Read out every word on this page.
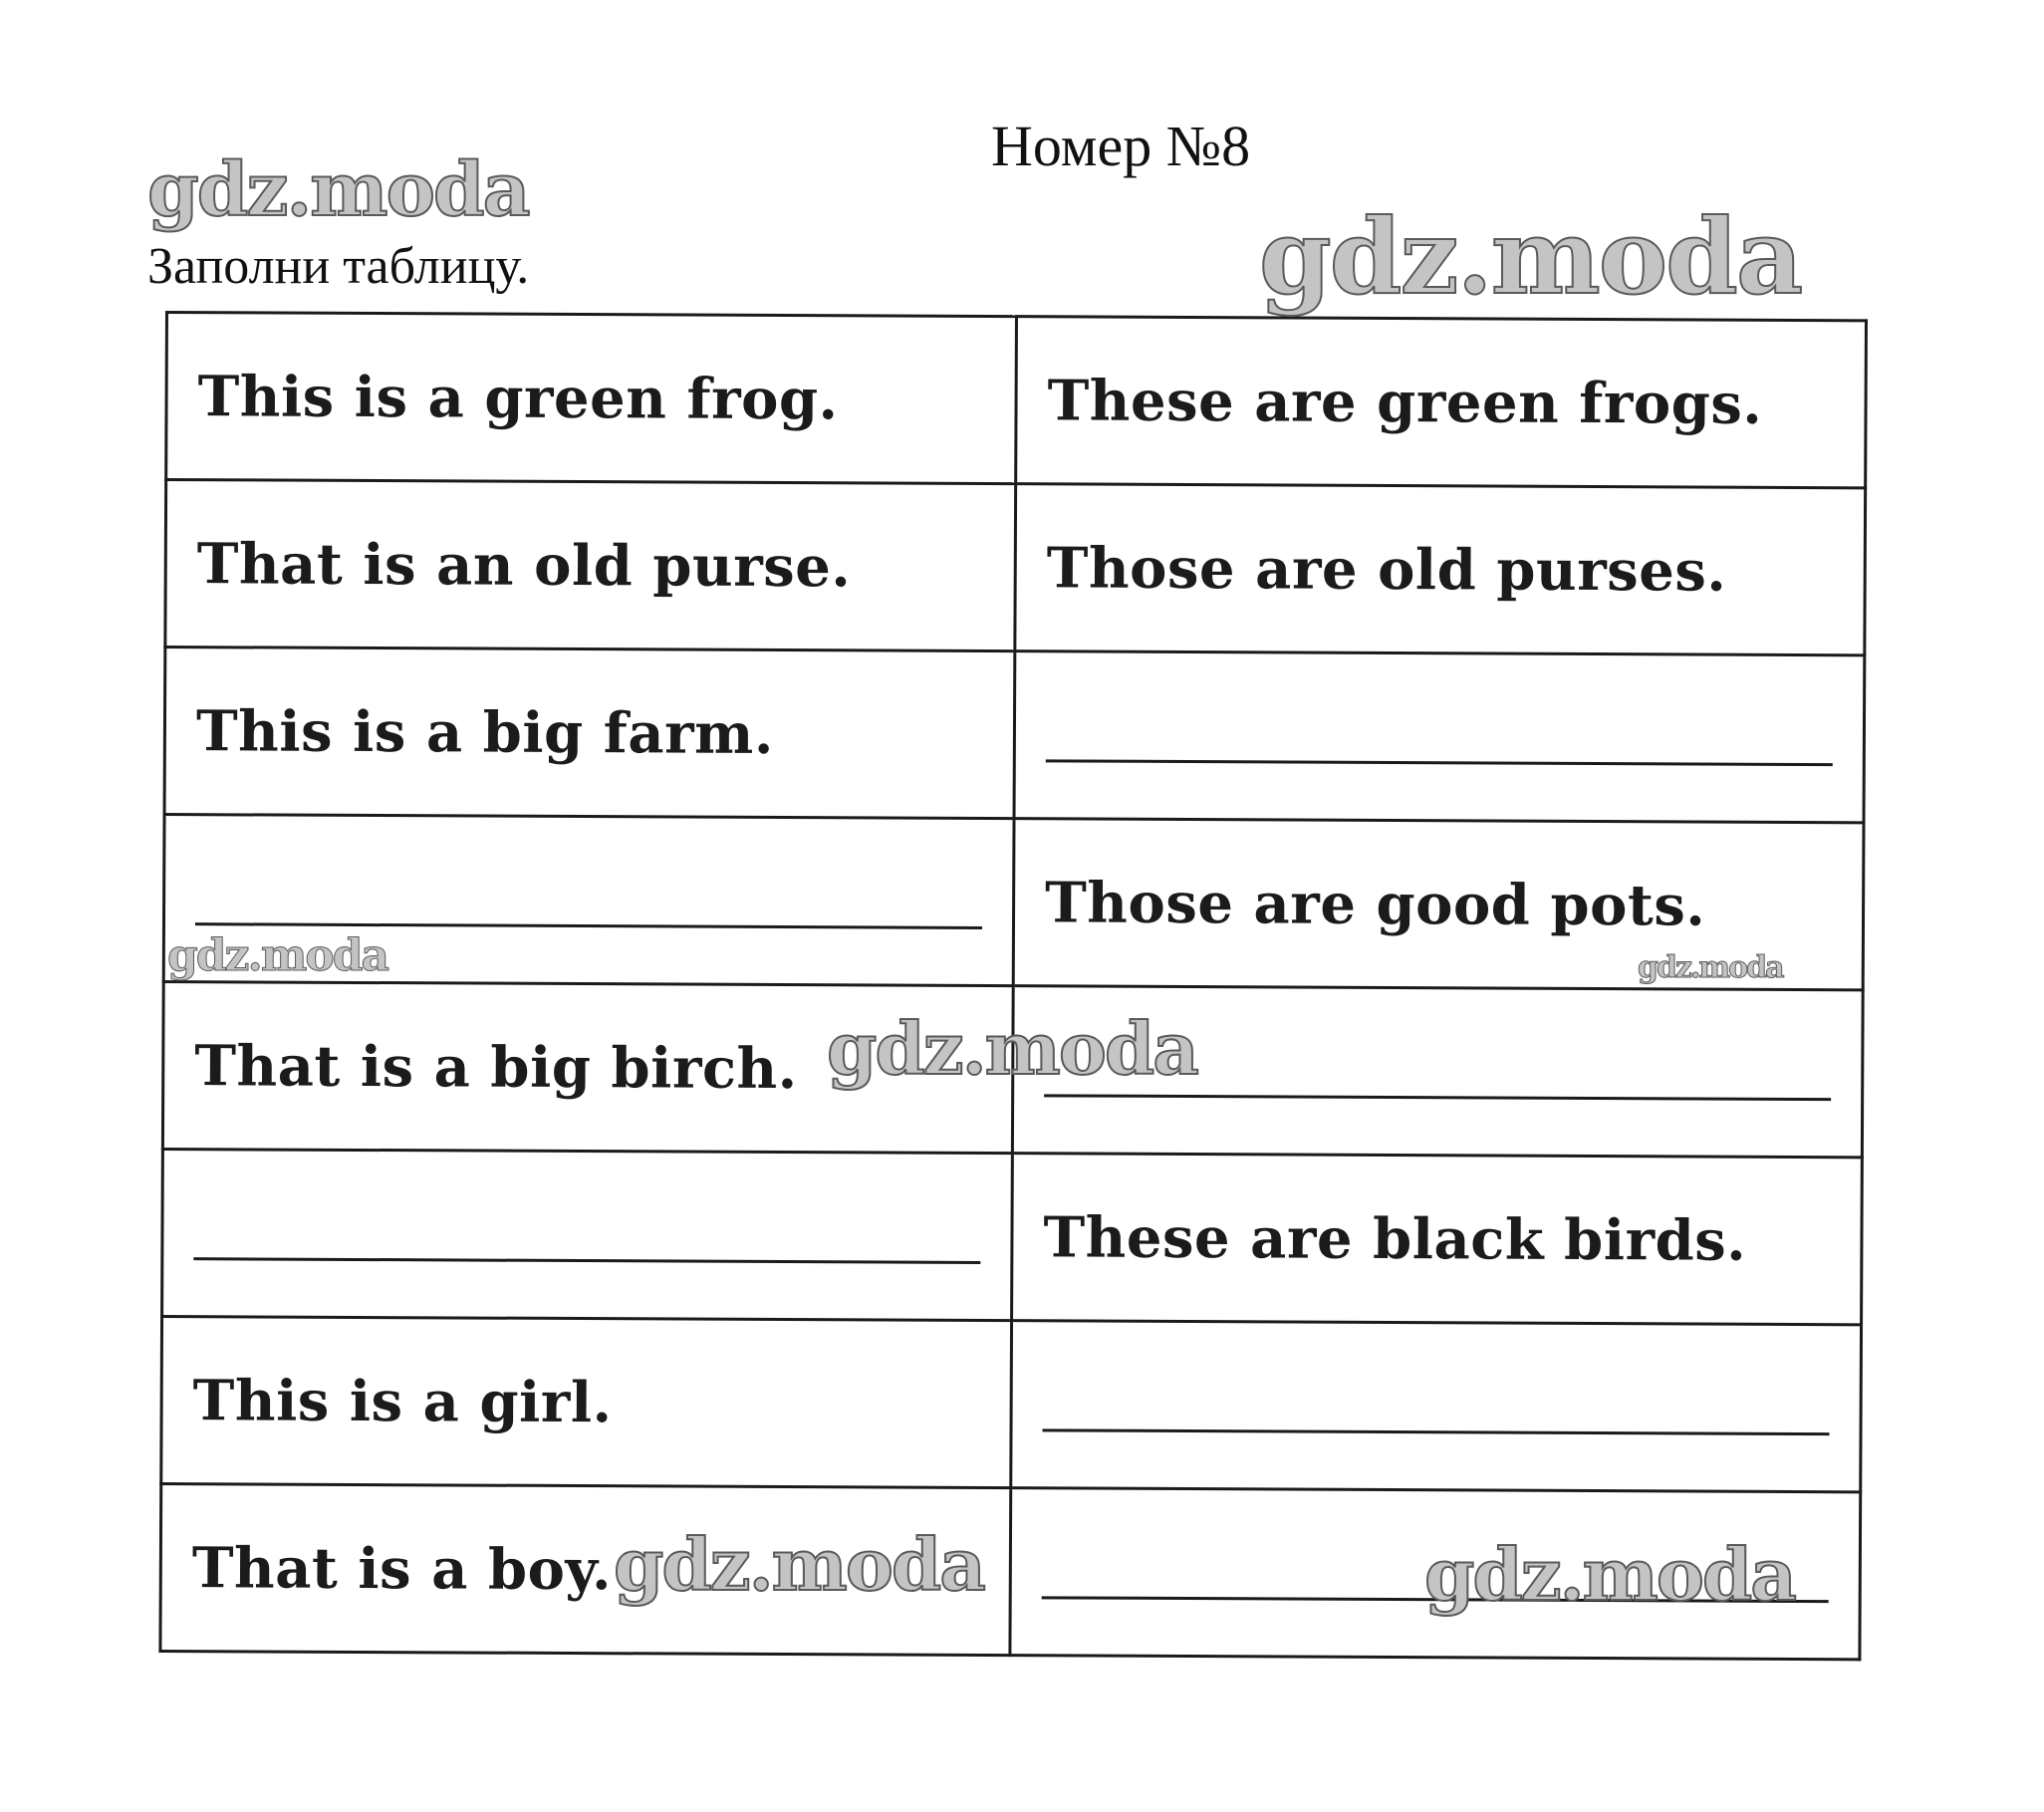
Номер №8
Заполни таблицу.
This is a green frog.	These are green frogs.

That is an old purse.	Those are old purses.

This is a big farm.	

	Those are good pots.

That is a big birch.	

	These are black birds.

This is a girl.	

That is a boy.	

gdz.moda
gdz.moda
gdz.moda	gdz.moda
gdz.moda
gdz.moda	gdz.moda
